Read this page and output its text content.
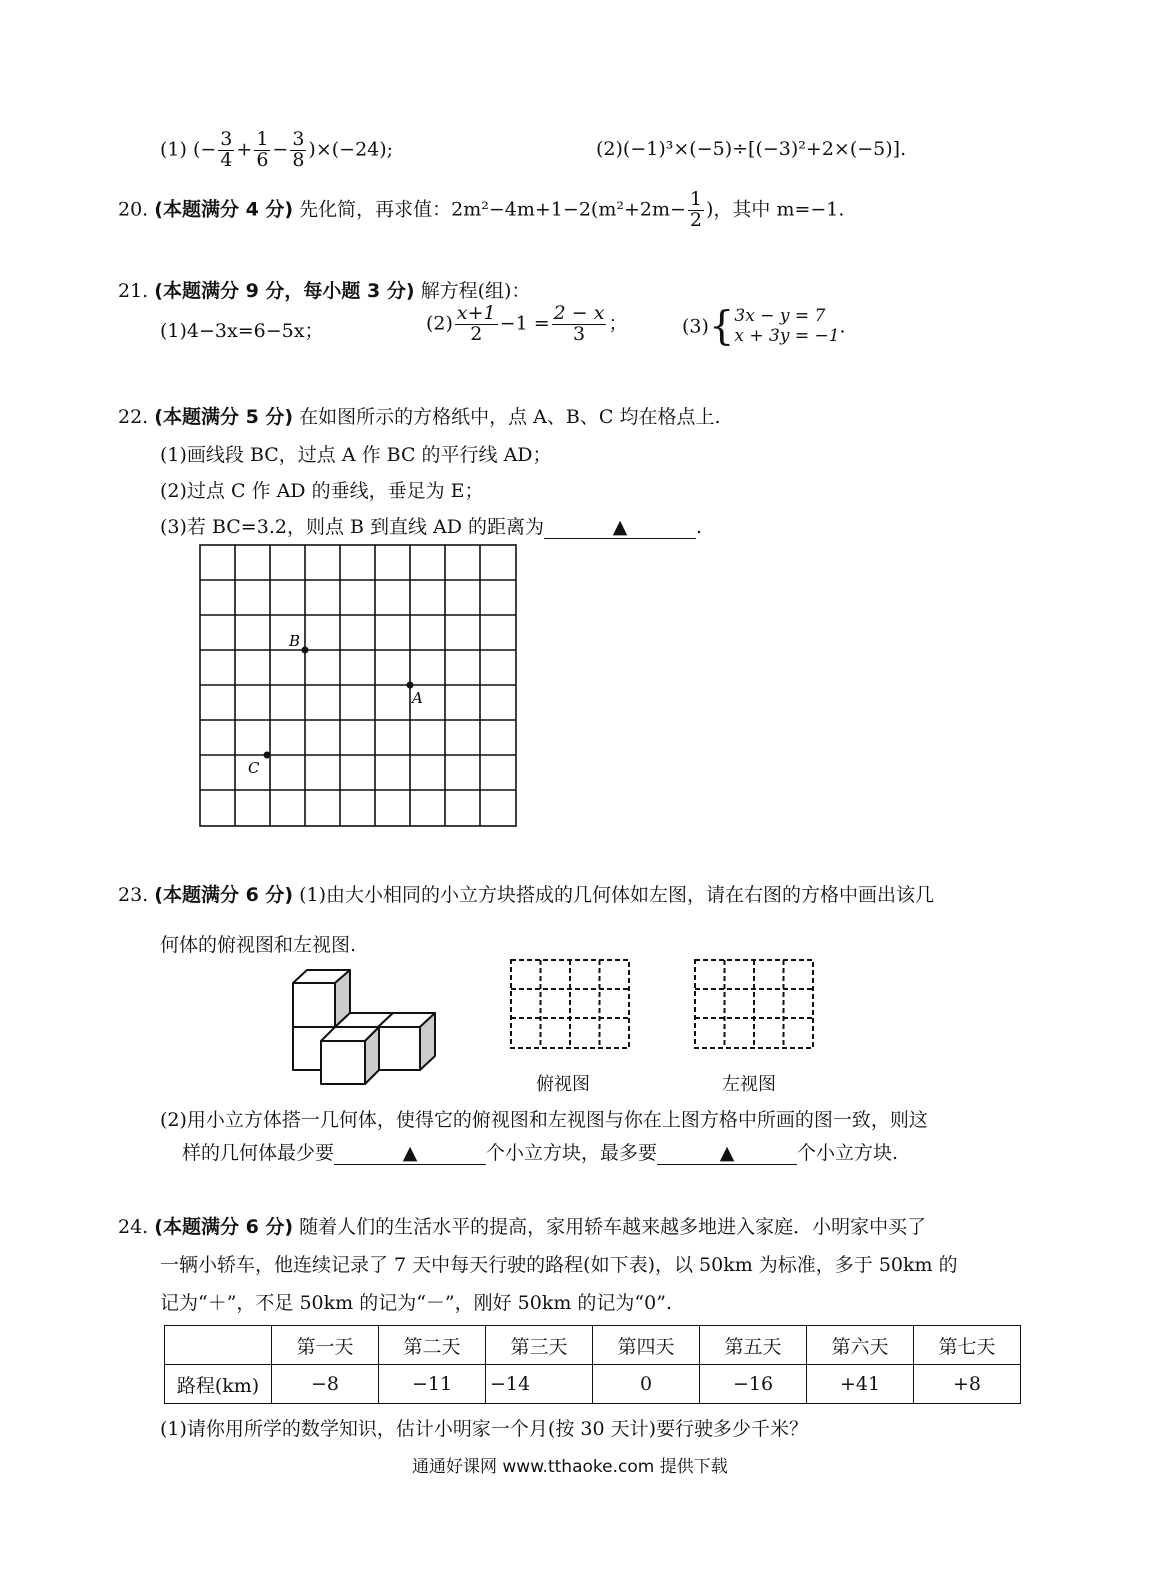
(1) (− $\frac{3}{4} + \frac{1}{6} - \frac{3}{8} )\times(-24)$;	(2)(−1)³×(−5)÷[(−3)²+2×(−5)].
20. (本题满分 4 分) 先化简，再求值：$2m^2-4m+1-2(m^2+2m- \frac{1}{2}$ )，其中 m=−1.
21. (本题满分 9 分，每小题 3 分) 解方程(组)：
(1)4−3x=6−5x；	$(2) \frac{x+1}{2} -1 = \frac{2 - x}{3}$ ；	(3){ 3x − y = 7
x + 3y = −1 .
22. (本题满分 5 分) 在如图所示的方格纸中，点 A、B、C 均在格点上.
(1)画线段 BC，过点 A 作 BC 的平行线 AD；
(2)过点 C 作 AD 的垂线，垂足为 E；
(3)若 BC=3.2，则点 B 到直线 AD 的距离为	▲	.
B
A
C
23. (本题满分 6 分) (1)由大小相同的小立方块搭成的几何体如左图，请在右图的方格中画出该几
何体的俯视图和左视图.
俯视图	左视图
(2)用小立方体搭一几何体，使得它的俯视图和左视图与你在上图方格中所画的图一致，则这
样的几何体最少要	▲	个小立方块，最多要	▲	个小立方块.
24. (本题满分 6 分) 随着人们的生活水平的提高，家用轿车越来越多地进入家庭．小明家中买了
一辆小轿车，他连续记录了 7 天中每天行驶的路程(如下表)，以 50km 为标准，多于 50km 的
记为“＋”，不足 50km 的记为“－”，刚好 50km 的记为“0”.
	第一天	第二天	第三天	第四天	第五天	第六天	第七天
路程(km)	−8	−11	−14	0	−16	+41	+8
(1)请你用所学的数学知识，估计小明家一个月(按 30 天计)要行驶多少千米？
通通好课网 www.tthaoke.com 提供下载
